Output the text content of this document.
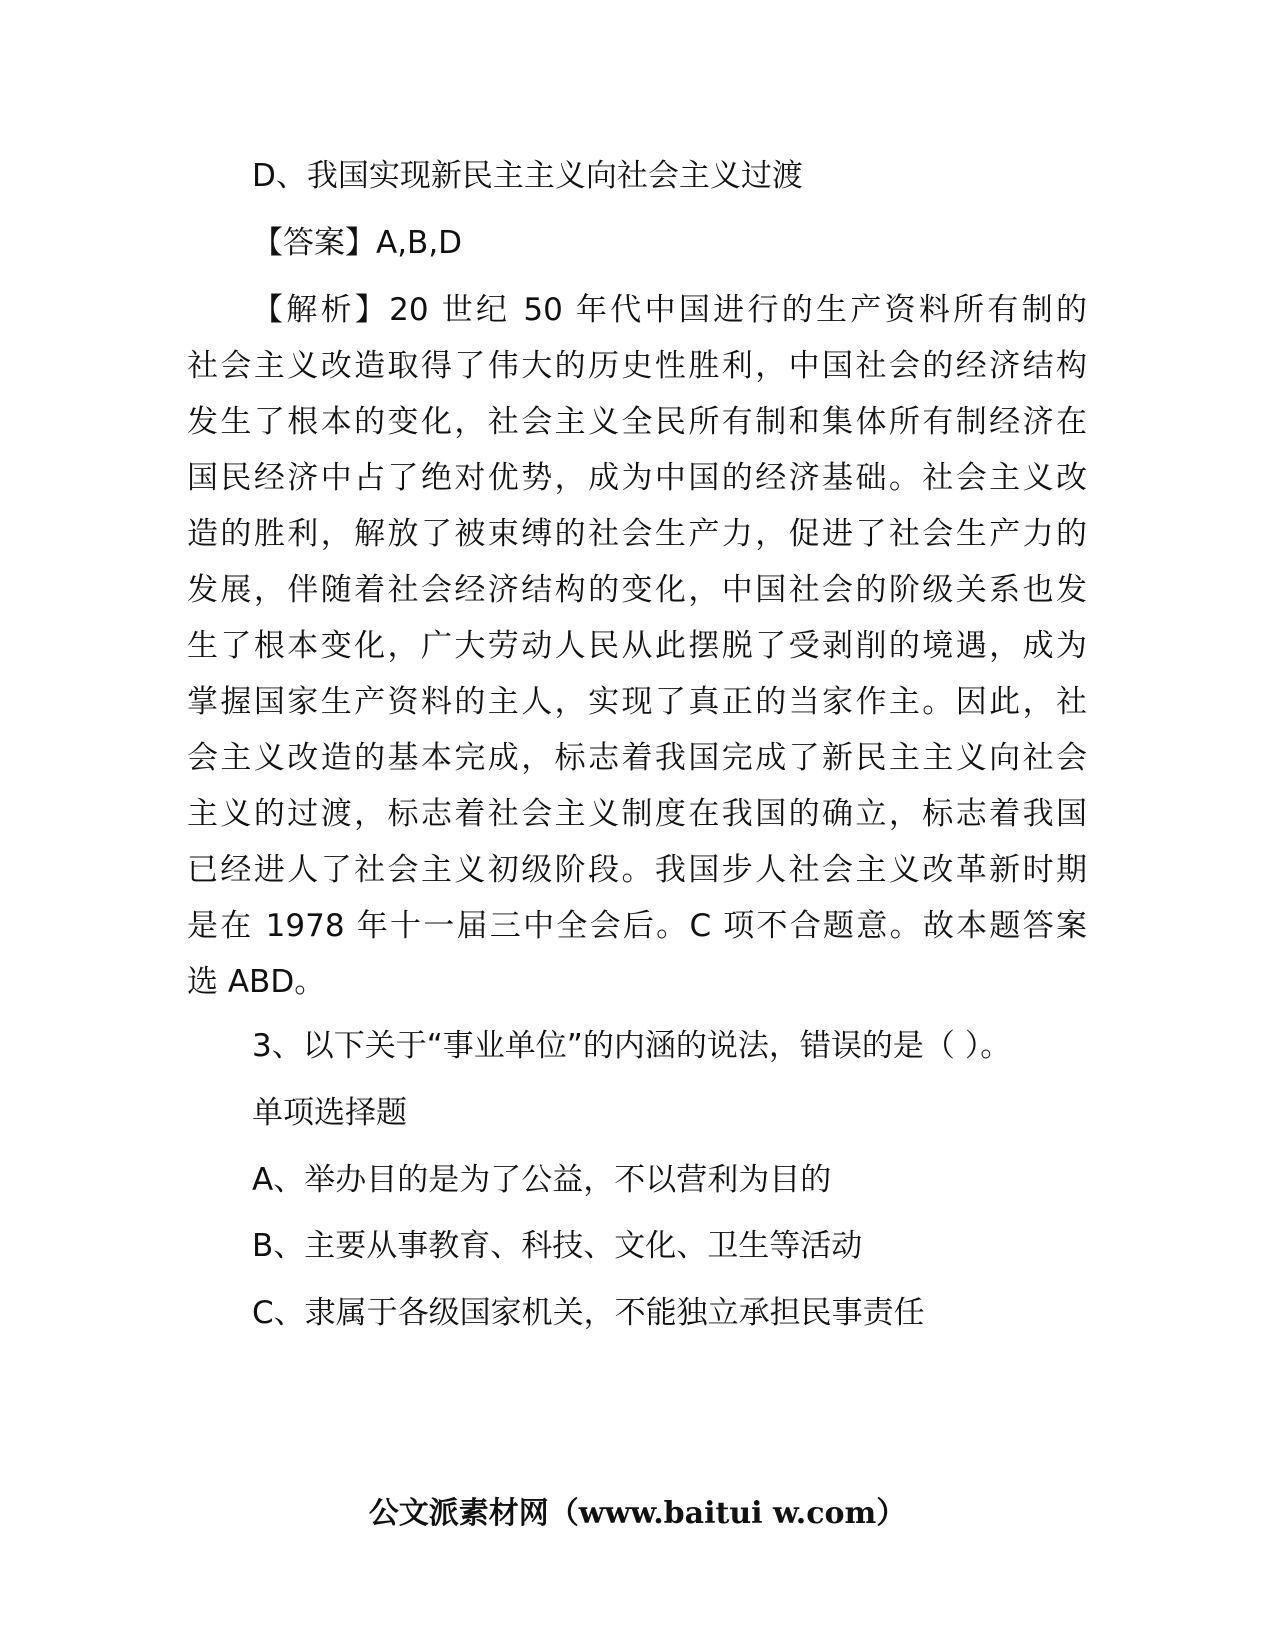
D、我国实现新民主主义向社会主义过渡
【答案】A,B,D
【解析】20 世纪 50 年代中国进行的生产资料所有制的
社会主义改造取得了伟大的历史性胜利，中国社会的经济结构
发生了根本的变化，社会主义全民所有制和集体所有制经济在
国民经济中占了绝对优势，成为中国的经济基础。社会主义改
造的胜利，解放了被束缚的社会生产力，促进了社会生产力的
发展，伴随着社会经济结构的变化，中国社会的阶级关系也发
生了根本变化，广大劳动人民从此摆脱了受剥削的境遇，成为
掌握国家生产资料的主人，实现了真正的当家作主。因此，社
会主义改造的基本完成，标志着我国完成了新民主主义向社会
主义的过渡，标志着社会主义制度在我国的确立，标志着我国
已经进人了社会主义初级阶段。我国步人社会主义改革新时期
是在 1978 年十一届三中全会后。C 项不合题意。故本题答案
选 ABD。
3、以下关于“事业单位”的内涵的说法，错误的是（ ）。
单项选择题
A、举办目的是为了公益，不以营利为目的
B、主要从事教育、科技、文化、卫生等活动
C、隶属于各级国家机关，不能独立承担民事责任
公文派素材网（www.baitui w.com）
